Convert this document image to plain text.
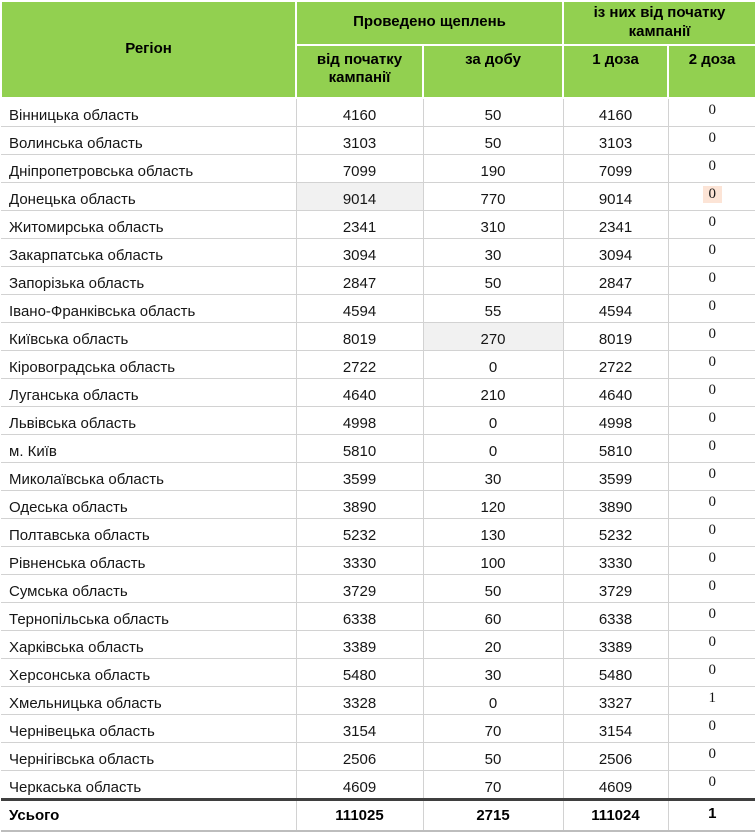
Регіон	Проведено щеплень		із них від початку кампанії	
	від початку кампанії	за добу	1 доза	2 доза
Вінницька область	4160	50	4160	0
Волинська область	3103	50	3103	0
Дніпропетровська область	7099	190	7099	0
Донецька область	9014	770	9014	0
Житомирська область	2341	310	2341	0
Закарпатська область	3094	30	3094	0
Запорізька область	2847	50	2847	0
Івано-Франківська область	4594	55	4594	0
Київська область	8019	270	8019	0
Кіровоградська область	2722	0	2722	0
Луганська область	4640	210	4640	0
Львівська область	4998	0	4998	0
м. Київ	5810	0	5810	0
Миколаївська область	3599	30	3599	0
Одеська область	3890	120	3890	0
Полтавська область	5232	130	5232	0
Рівненська область	3330	100	3330	0
Сумська область	3729	50	3729	0
Тернопільська область	6338	60	6338	0
Харківська область	3389	20	3389	0
Херсонська область	5480	30	5480	0
Хмельницька область	3328	0	3327	1
Чернівецька область	3154	70	3154	0
Чернігівська область	2506	50	2506	0
Черкаська область	4609	70	4609	0
Усього	111025	2715	111024	1
